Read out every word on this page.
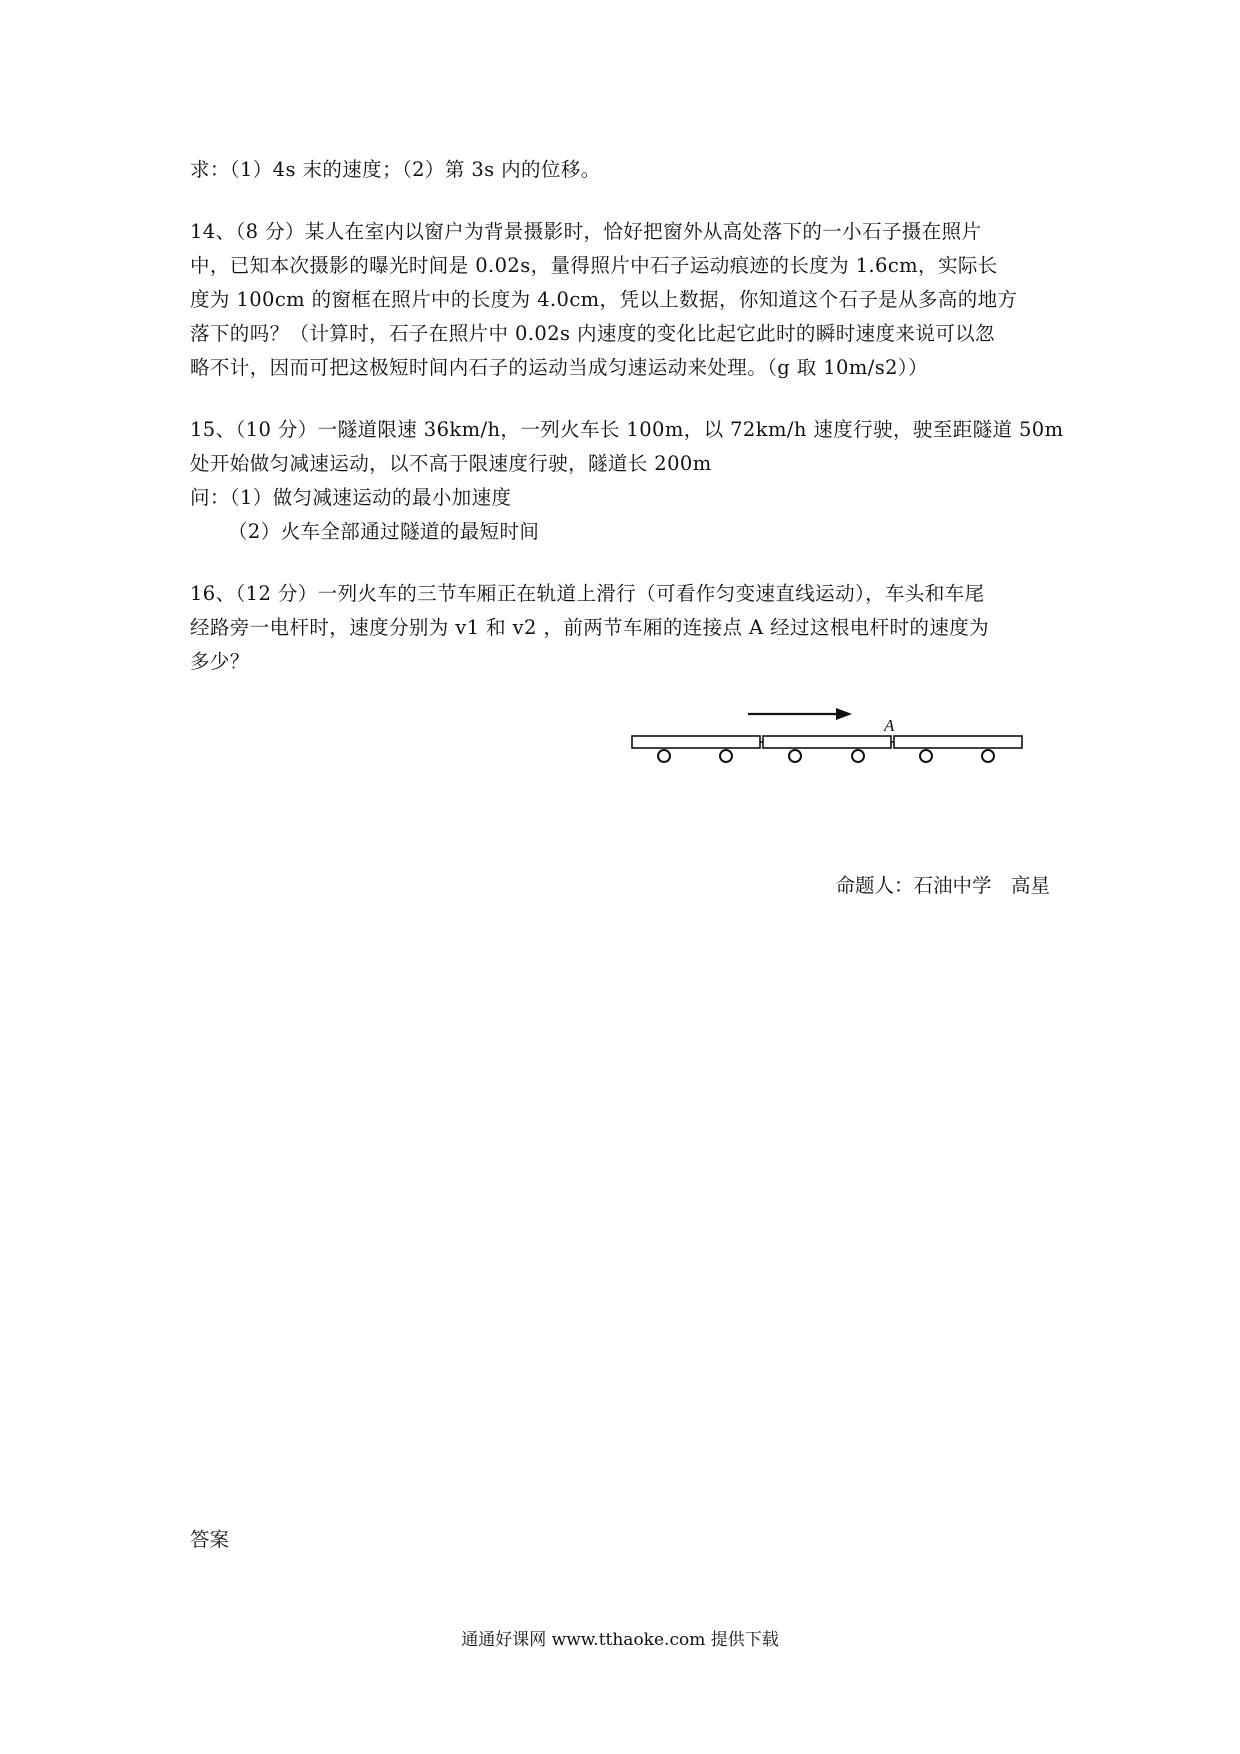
求：（1）4s 末的速度；（2）第 3s 内的位移。
14、（8 分）某人在室内以窗户为背景摄影时，恰好把窗外从高处落下的一小石子摄在照片
中，已知本次摄影的曝光时间是 0.02s，量得照片中石子运动痕迹的长度为 1.6cm，实际长
度为 100cm 的窗框在照片中的长度为 4.0cm，凭以上数据，你知道这个石子是从多高的地方
落下的吗？（计算时，石子在照片中 0.02s 内速度的变化比起它此时的瞬时速度来说可以忽
略不计，因而可把这极短时间内石子的运动当成匀速运动来处理。（g 取 10m/s2））
15、（10 分）一隧道限速 36km/h，一列火车长 100m，以 72km/h 速度行驶，驶至距隧道 50m
处开始做匀减速运动，以不高于限速度行驶，隧道长 200m
问：（1）做匀减速运动的最小加速度
（2）火车全部通过隧道的最短时间
16、（12 分）一列火车的三节车厢正在轨道上滑行（可看作匀变速直线运动），车头和车尾
经路旁一电杆时，速度分别为 v1 和 v2 ，前两节车厢的连接点 A 经过这根电杆时的速度为
多少？
A
命题人：石油中学　高星
答案
通通好课网 www.tthaoke.com 提供下载
